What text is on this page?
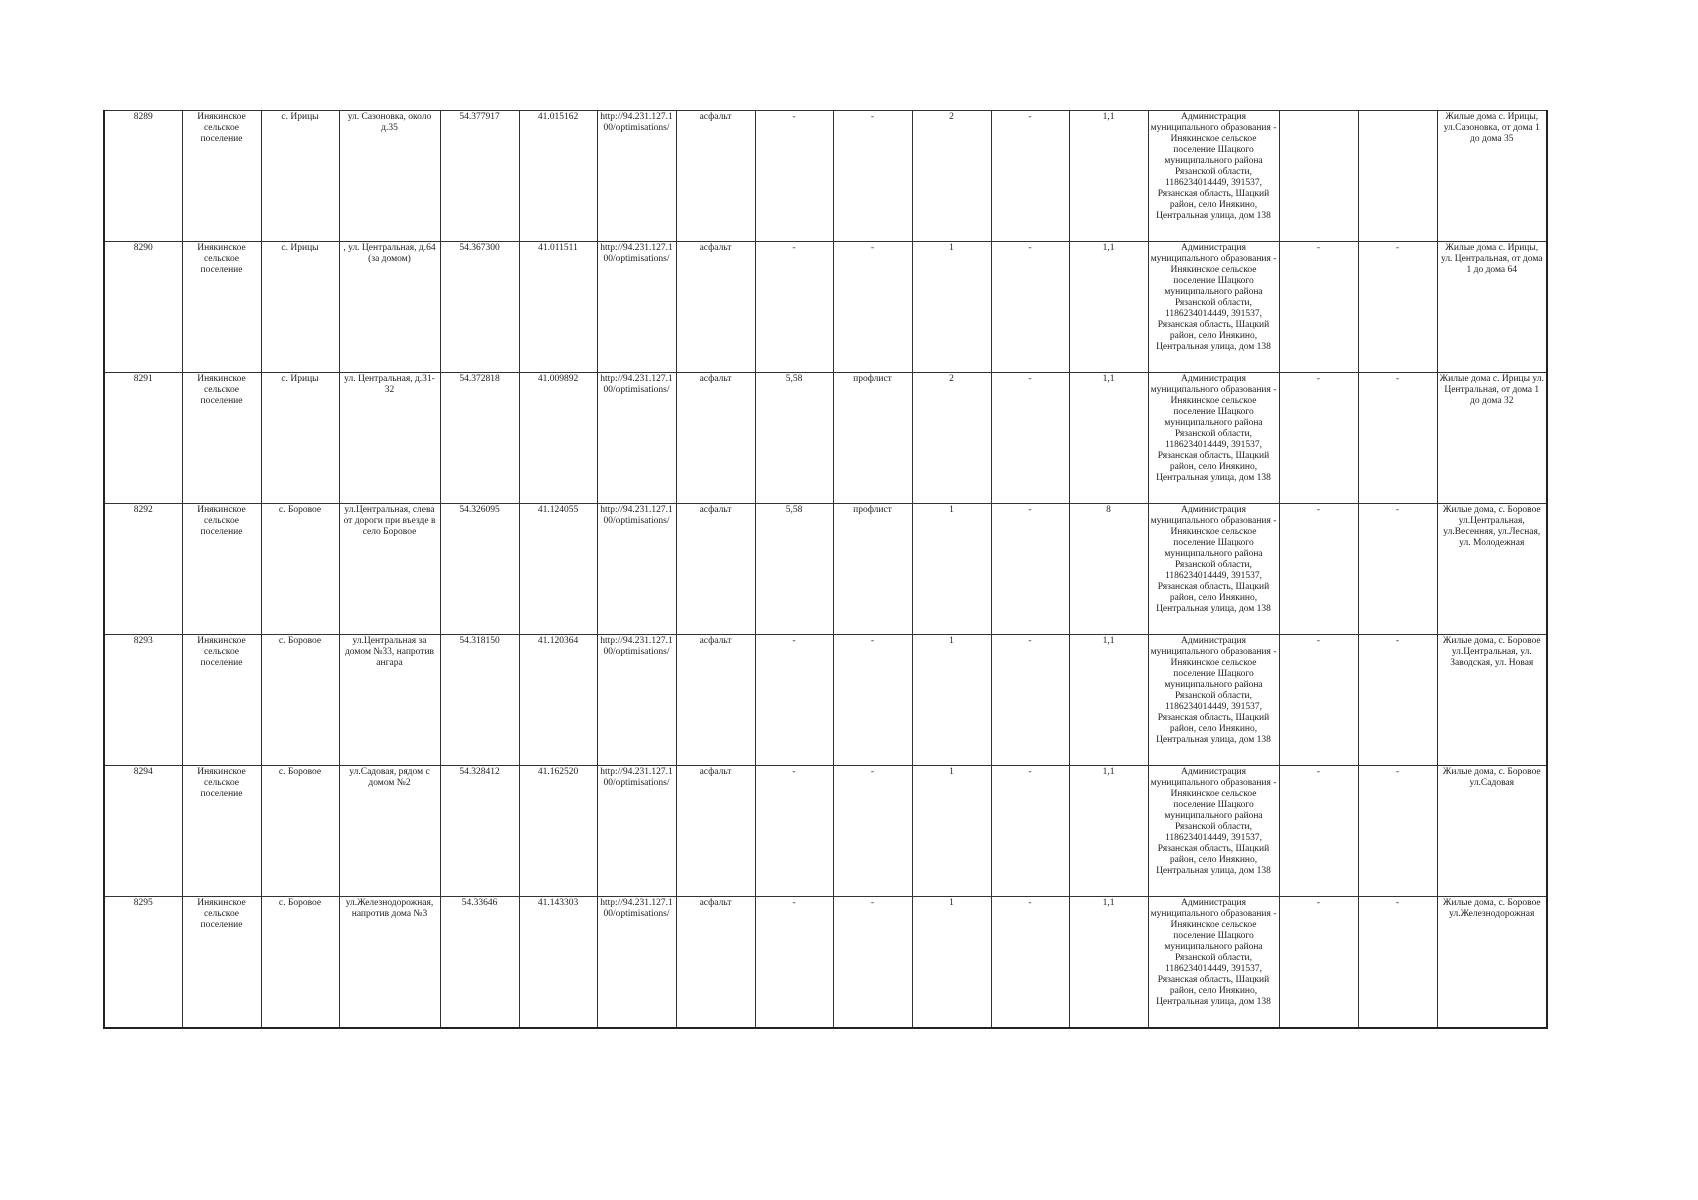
8289	Инякинское сельское поселение	с. Ирицы	ул. Сазоновка, около д.35	54.377917	41.015162	http://94.231.127.100/optimisations/	асфальт	-	-	2	-	1,1	Администрация муниципального образования - Инякинское сельское поселение Шацкого муниципального района Рязанской области, 1186234014449, 391537, Рязанская область, Шацкий район, село Инякино, Центральная улица, дом 138			Жилые дома с. Ирицы, ул.Сазоновка, от дома 1 до дома 35
8290	Инякинское сельское поселение	с. Ирицы	, ул. Центральная, д.64 (за домом)	54.367300	41.011511	http://94.231.127.100/optimisations/	асфальт	-	-	1	-	1,1	Администрация муниципального образования - Инякинское сельское поселение Шацкого муниципального района Рязанской области, 1186234014449, 391537, Рязанская область, Шацкий район, село Инякино, Центральная улица, дом 138	-	-	Жилые дома с. Ирицы, ул. Центральная, от дома 1 до дома 64
8291	Инякинское сельское поселение	с. Ирицы	ул. Центральная, д.31-32	54.372818	41.009892	http://94.231.127.100/optimisations/	асфальт	5,58	профлист	2	-	1,1	Администрация муниципального образования - Инякинское сельское поселение Шацкого муниципального района Рязанской области, 1186234014449, 391537, Рязанская область, Шацкий район, село Инякино, Центральная улица, дом 138	-	-	Жилые дома с. Ирицы ул. Центральная, от дома 1 до дома 32
8292	Инякинское сельское поселение	с. Боровое	ул.Центральная, слева от дороги при въезде в село Боровое	54.326095	41.124055	http://94.231.127.100/optimisations/	асфальт	5,58	профлист	1	-	8	Администрация муниципального образования - Инякинское сельское поселение Шацкого муниципального района Рязанской области, 1186234014449, 391537, Рязанская область, Шацкий район, село Инякино, Центральная улица, дом 138	-	-	Жилые дома, с. Боровое ул.Центральная, ул.Весенняя, ул.Лесная, ул. Молодежная
8293	Инякинское сельское поселение	с. Боровое	ул.Центральная за домом №33, напротив ангара	54.318150	41.120364	http://94.231.127.100/optimisations/	асфальт	-	-	1	-	1,1	Администрация муниципального образования - Инякинское сельское поселение Шацкого муниципального района Рязанской области, 1186234014449, 391537, Рязанская область, Шацкий район, село Инякино, Центральная улица, дом 138	-	-	Жилые дома, с. Боровое ул.Центральная, ул. Заводская, ул. Новая
8294	Инякинское сельское поселение	с. Боровое	ул.Садовая, рядом с домом №2	54.328412	41.162520	http://94.231.127.100/optimisations/	асфальт	-	-	1	-	1,1	Администрация муниципального образования - Инякинское сельское поселение Шацкого муниципального района Рязанской области, 1186234014449, 391537, Рязанская область, Шацкий район, село Инякино, Центральная улица, дом 138	-	-	Жилые дома, с. Боровое ул.Садовая
8295	Инякинское сельское поселение	с. Боровое	ул.Железнодорожная, напротив дома №3	54.33646	41.143303	http://94.231.127.100/optimisations/	асфальт	-	-	1	-	1,1	Администрация муниципального образования - Инякинское сельское поселение Шацкого муниципального района Рязанской области, 1186234014449, 391537, Рязанская область, Шацкий район, село Инякино, Центральная улица, дом 138	-	-	Жилые дома, с. Боровое ул.Железнодорожная
